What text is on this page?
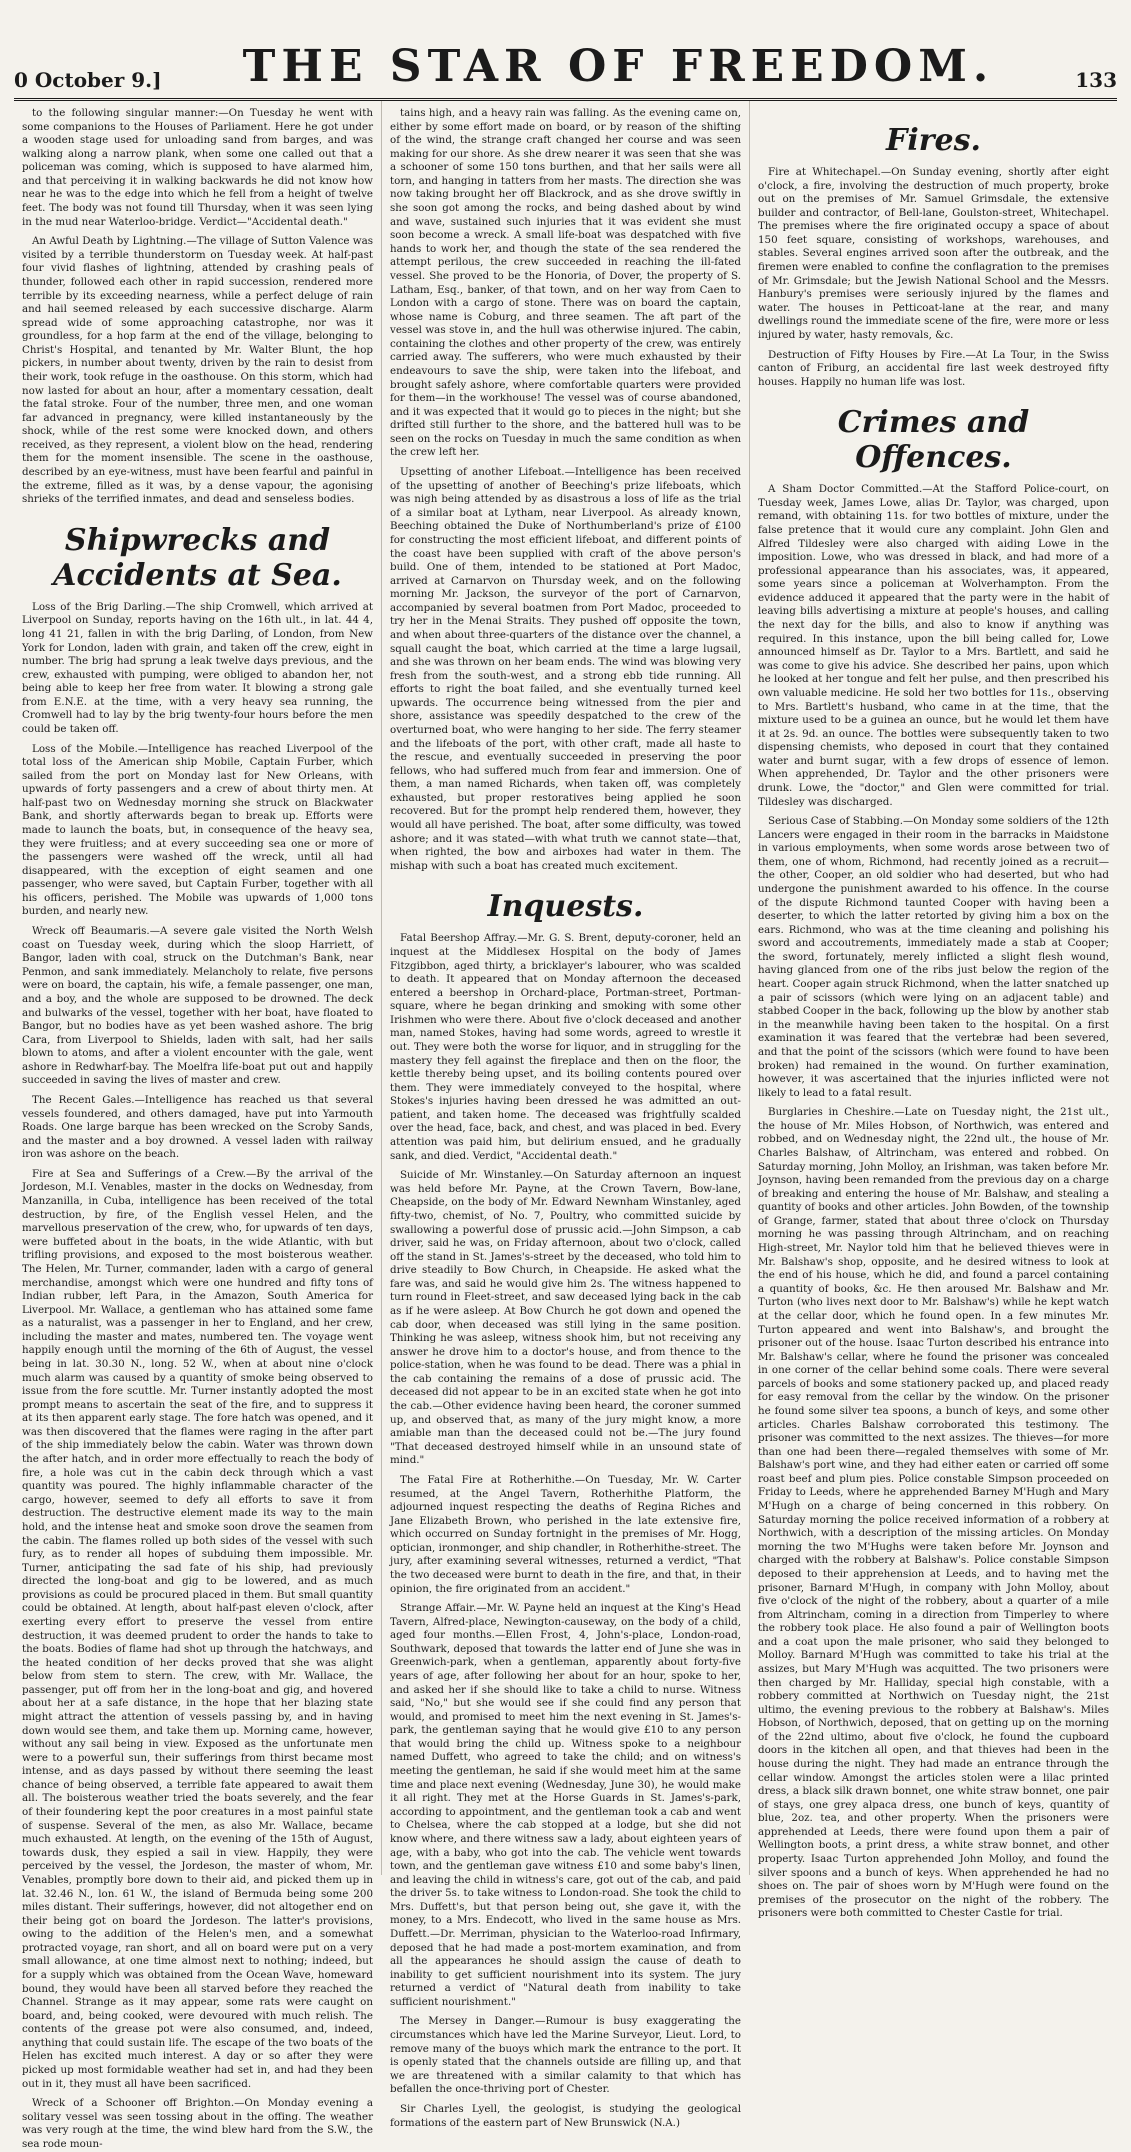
0 October 9.] THE STAR OF FREEDOM.	133

to the following singular manner:—On Tuesday he went with some companions to the Houses of Parliament. Here he got under a wooden stage used for unloading sand from barges, and was walking along a narrow plank, when some one called out that a policeman was coming, which is supposed to have alarmed him, and that perceiving it in walking backwards he did not know how near he was to the edge into which he fell from a height of twelve feet. The body was not found till Thursday, when it was seen lying in the mud near Waterloo-bridge. Verdict—"Accidental death."

An Awful Death by Lightning.—The village of Sutton Valence was visited by a terrible thunderstorm on Tuesday week. At half-past four vivid flashes of lightning, attended by crashing peals of thunder, followed each other in rapid succession, rendered more terrible by its exceeding nearness, while a perfect deluge of rain and hail seemed released by each successive discharge. Alarm spread wide of some approaching catastrophe, nor was it groundless, for a hop farm at the end of the village, belonging to Christ's Hospital, and tenanted by Mr. Walter Blunt, the hop pickers, in number about twenty, driven by the rain to desist from their work, took refuge in the oasthouse. On this storm, which had now lasted for about an hour, after a momentary cessation, dealt the fatal stroke. Four of the number, three men, and one woman far advanced in pregnancy, were killed instantaneously by the shock, while of the rest some were knocked down, and others received, as they represent, a violent blow on the head, rendering them for the moment insensible. The scene in the oasthouse, described by an eye-witness, must have been fearful and painful in the extreme, filled as it was, by a dense vapour, the agonising shrieks of the terrified inmates, and dead and senseless bodies.

Shipwrecks and Accidents at Sea.

Loss of the Brig Darling.—The ship Cromwell, which arrived at Liverpool on Sunday, reports having on the 16th ult., in lat. 44 4, long 41 21, fallen in with the brig Darling, of London, from New York for London, laden with grain, and taken off the crew, eight in number. The brig had sprung a leak twelve days previous, and the crew, exhausted with pumping, were obliged to abandon her, not being able to keep her free from water. It blowing a strong gale from E.N.E. at the time, with a very heavy sea running, the Cromwell had to lay by the brig twenty-four hours before the men could be taken off.

Loss of the Mobile.—Intelligence has reached Liverpool of the total loss of the American ship Mobile, Captain Furber, which sailed from the port on Monday last for New Orleans, with upwards of forty passengers and a crew of about thirty men. At half-past two on Wednesday morning she struck on Blackwater Bank, and shortly afterwards began to break up. Efforts were made to launch the boats, but, in consequence of the heavy sea, they were fruitless; and at every succeeding sea one or more of the passengers were washed off the wreck, until all had disappeared, with the exception of eight seamen and one passenger, who were saved, but Captain Furber, together with all his officers, perished. The Mobile was upwards of 1,000 tons burden, and nearly new.

Wreck off Beaumaris.—A severe gale visited the North Welsh coast on Tuesday week, during which the sloop Harriett, of Bangor, laden with coal, struck on the Dutchman's Bank, near Penmon, and sank immediately. Melancholy to relate, five persons were on board, the captain, his wife, a female passenger, one man, and a boy, and the whole are supposed to be drowned. The deck and bulwarks of the vessel, together with her boat, have floated to Bangor, but no bodies have as yet been washed ashore. The brig Cara, from Liverpool to Shields, laden with salt, had her sails blown to atoms, and after a violent encounter with the gale, went ashore in Redwharf-bay. The Moelfra life-boat put out and happily succeeded in saving the lives of master and crew.

The Recent Gales.—Intelligence has reached us that several vessels foundered, and others damaged, have put into Yarmouth Roads. One large barque has been wrecked on the Scroby Sands, and the master and a boy drowned. A vessel laden with railway iron was ashore on the beach.

Fire at Sea and Sufferings of a Crew.—By the arrival of the Jordeson, M.I. Venables, master in the docks on Wednesday, from Manzanilla, in Cuba, intelligence has been received of the total destruction, by fire, of the English vessel Helen, and the marvellous preservation of the crew, who, for upwards of ten days, were buffeted about in the boats, in the wide Atlantic, with but trifling provisions, and exposed to the most boisterous weather. The Helen, Mr. Turner, commander, laden with a cargo of general merchandise, amongst which were one hundred and fifty tons of Indian rubber, left Para, in the Amazon, South America for Liverpool. Mr. Wallace, a gentleman who has attained some fame as a naturalist, was a passenger in her to England, and her crew, including the master and mates, numbered ten. The voyage went happily enough until the morning of the 6th of August, the vessel being in lat. 30.30 N., long. 52 W., when at about nine o'clock much alarm was caused by a quantity of smoke being observed to issue from the fore scuttle. Mr. Turner instantly adopted the most prompt means to ascertain the seat of the fire, and to suppress it at its then apparent early stage. The fore hatch was opened, and it was then discovered that the flames were raging in the after part of the ship immediately below the cabin. Water was thrown down the after hatch, and in order more effectually to reach the body of fire, a hole was cut in the cabin deck through which a vast quantity was poured. The highly inflammable character of the cargo, however, seemed to defy all efforts to save it from destruction. The destructive element made its way to the main hold, and the intense heat and smoke soon drove the seamen from the cabin. The flames rolled up both sides of the vessel with such fury, as to render all hopes of subduing them impossible. Mr. Turner, anticipating the sad fate of his ship, had previously directed the long-boat and gig to be lowered, and as much provisions as could be procured placed in them. But small quantity could be obtained. At length, about half-past eleven o'clock, after exerting every effort to preserve the vessel from entire destruction, it was deemed prudent to order the hands to take to the boats. Bodies of flame had shot up through the hatchways, and the heated condition of her decks proved that she was alight below from stem to stern. The crew, with Mr. Wallace, the passenger, put off from her in the long-boat and gig, and hovered about her at a safe distance, in the hope that her blazing state might attract the attention of vessels passing by, and in having down would see them, and take them up. Morning came, however, without any sail being in view. Exposed as the unfortunate men were to a powerful sun, their sufferings from thirst became most intense, and as days passed by without there seeming the least chance of being observed, a terrible fate appeared to await them all. The boisterous weather tried the boats severely, and the fear of their foundering kept the poor creatures in a most painful state of suspense. Several of the men, as also Mr. Wallace, became much exhausted. At length, on the evening of the 15th of August, towards dusk, they espied a sail in view. Happily, they were perceived by the vessel, the Jordeson, the master of whom, Mr. Venables, promptly bore down to their aid, and picked them up in lat. 32.46 N., lon. 61 W., the island of Bermuda being some 200 miles distant. Their sufferings, however, did not altogether end on their being got on board the Jordeson. The latter's provisions, owing to the addition of the Helen's men, and a somewhat protracted voyage, ran short, and all on board were put on a very small allowance, at one time almost next to nothing; indeed, but for a supply which was obtained from the Ocean Wave, homeward bound, they would have been all starved before they reached the Channel. Strange as it may appear, some rats were caught on board, and, being cooked, were devoured with much relish. The contents of the grease pot were also consumed, and, indeed, anything that could sustain life. The escape of the two boats of the Helen has excited much interest. A day or so after they were picked up most formidable weather had set in, and had they been out in it, they must all have been sacrificed.

Wreck of a Schooner off Brighton.—On Monday evening a solitary vessel was seen tossing about in the offing. The weather was very rough at the time, the wind blew hard from the S.W., the sea rode moun-

tains high, and a heavy rain was falling. As the evening came on, either by some effort made on board, or by reason of the shifting of the wind, the strange craft changed her course and was seen making for our shore. As she drew nearer it was seen that she was a schooner of some 150 tons burthen, and that her sails were all torn, and hanging in tatters from her masts. The direction she was now taking brought her off Blackrock, and as she drove swiftly in she soon got among the rocks, and being dashed about by wind and wave, sustained such injuries that it was evident she must soon become a wreck. A small life-boat was despatched with five hands to work her, and though the state of the sea rendered the attempt perilous, the crew succeeded in reaching the ill-fated vessel. She proved to be the Honoria, of Dover, the property of S. Latham, Esq., banker, of that town, and on her way from Caen to London with a cargo of stone. There was on board the captain, whose name is Coburg, and three seamen. The aft part of the vessel was stove in, and the hull was otherwise injured. The cabin, containing the clothes and other property of the crew, was entirely carried away. The sufferers, who were much exhausted by their endeavours to save the ship, were taken into the lifeboat, and brought safely ashore, where comfortable quarters were provided for them—in the workhouse! The vessel was of course abandoned, and it was expected that it would go to pieces in the night; but she drifted still further to the shore, and the battered hull was to be seen on the rocks on Tuesday in much the same condition as when the crew left her.

Upsetting of another Lifeboat.—Intelligence has been received of the upsetting of another of Beeching's prize lifeboats, which was nigh being attended by as disastrous a loss of life as the trial of a similar boat at Lytham, near Liverpool. As already known, Beeching obtained the Duke of Northumberland's prize of £100 for constructing the most efficient lifeboat, and different points of the coast have been supplied with craft of the above person's build. One of them, intended to be stationed at Port Madoc, arrived at Carnarvon on Thursday week, and on the following morning Mr. Jackson, the surveyor of the port of Carnarvon, accompanied by several boatmen from Port Madoc, proceeded to try her in the Menai Straits. They pushed off opposite the town, and when about three-quarters of the distance over the channel, a squall caught the boat, which carried at the time a large lugsail, and she was thrown on her beam ends. The wind was blowing very fresh from the south-west, and a strong ebb tide running. All efforts to right the boat failed, and she eventually turned keel upwards. The occurrence being witnessed from the pier and shore, assistance was speedily despatched to the crew of the overturned boat, who were hanging to her side. The ferry steamer and the lifeboats of the port, with other craft, made all haste to the rescue, and eventually succeeded in preserving the poor fellows, who had suffered much from fear and immersion. One of them, a man named Richards, when taken off, was completely exhausted, but proper restoratives being applied he soon recovered. But for the prompt help rendered them, however, they would all have perished. The boat, after some difficulty, was towed ashore; and it was stated—with what truth we cannot state—that, when righted, the bow and airboxes had water in them. The mishap with such a boat has created much excitement.

Inquests.

Fatal Beershop Affray.—Mr. G. S. Brent, deputy-coroner, held an inquest at the Middlesex Hospital on the body of James Fitzgibbon, aged thirty, a bricklayer's labourer, who was scalded to death. It appeared that on Monday afternoon the deceased entered a beershop in Orchard-place, Portman-street, Portman-square, where he began drinking and smoking with some other Irishmen who were there. About five o'clock deceased and another man, named Stokes, having had some words, agreed to wrestle it out. They were both the worse for liquor, and in struggling for the mastery they fell against the fireplace and then on the floor, the kettle thereby being upset, and its boiling contents poured over them. They were immediately conveyed to the hospital, where Stokes's injuries having been dressed he was admitted an out-patient, and taken home. The deceased was frightfully scalded over the head, face, back, and chest, and was placed in bed. Every attention was paid him, but delirium ensued, and he gradually sank, and died. Verdict, "Accidental death."

Suicide of Mr. Winstanley.—On Saturday afternoon an inquest was held before Mr. Payne, at the Crown Tavern, Bow-lane, Cheapside, on the body of Mr. Edward Newnham Winstanley, aged fifty-two, chemist, of No. 7, Poultry, who committed suicide by swallowing a powerful dose of prussic acid.—John Simpson, a cab driver, said he was, on Friday afternoon, about two o'clock, called off the stand in St. James's-street by the deceased, who told him to drive steadily to Bow Church, in Cheapside. He asked what the fare was, and said he would give him 2s. The witness happened to turn round in Fleet-street, and saw deceased lying back in the cab as if he were asleep. At Bow Church he got down and opened the cab door, when deceased was still lying in the same position. Thinking he was asleep, witness shook him, but not receiving any answer he drove him to a doctor's house, and from thence to the police-station, when he was found to be dead. There was a phial in the cab containing the remains of a dose of prussic acid. The deceased did not appear to be in an excited state when he got into the cab.—Other evidence having been heard, the coroner summed up, and observed that, as many of the jury might know, a more amiable man than the deceased could not be.—The jury found "That deceased destroyed himself while in an unsound state of mind."

The Fatal Fire at Rotherhithe.—On Tuesday, Mr. W. Carter resumed, at the Angel Tavern, Rotherhithe Platform, the adjourned inquest respecting the deaths of Regina Riches and Jane Elizabeth Brown, who perished in the late extensive fire, which occurred on Sunday fortnight in the premises of Mr. Hogg, optician, ironmonger, and ship chandler, in Rotherhithe-street. The jury, after examining several witnesses, returned a verdict, "That the two deceased were burnt to death in the fire, and that, in their opinion, the fire originated from an accident."

Strange Affair.—Mr. W. Payne held an inquest at the King's Head Tavern, Alfred-place, Newington-causeway, on the body of a child, aged four months.—Ellen Frost, 4, John's-place, London-road, Southwark, deposed that towards the latter end of June she was in Greenwich-park, when a gentleman, apparently about forty-five years of age, after following her about for an hour, spoke to her, and asked her if she should like to take a child to nurse. Witness said, "No," but she would see if she could find any person that would, and promised to meet him the next evening in St. James's-park, the gentleman saying that he would give £10 to any person that would bring the child up. Witness spoke to a neighbour named Duffett, who agreed to take the child; and on witness's meeting the gentleman, he said if she would meet him at the same time and place next evening (Wednesday, June 30), he would make it all right. They met at the Horse Guards in St. James's-park, according to appointment, and the gentleman took a cab and went to Chelsea, where the cab stopped at a lodge, but she did not know where, and there witness saw a lady, about eighteen years of age, with a baby, who got into the cab. The vehicle went towards town, and the gentleman gave witness £10 and some baby's linen, and leaving the child in witness's care, got out of the cab, and paid the driver 5s. to take witness to London-road. She took the child to Mrs. Duffett's, but that person being out, she gave it, with the money, to a Mrs. Endecott, who lived in the same house as Mrs. Duffett.—Dr. Merriman, physician to the Waterloo-road Infirmary, deposed that he had made a post-mortem examination, and from all the appearances he should assign the cause of death to inability to get sufficient nourishment into its system. The jury returned a verdict of "Natural death from inability to take sufficient nourishment."

The Mersey in Danger.—Rumour is busy exaggerating the circumstances which have led the Marine Surveyor, Lieut. Lord, to remove many of the buoys which mark the entrance to the port. It is openly stated that the channels outside are filling up, and that we are threatened with a similar calamity to that which has befallen the once-thriving port of Chester.

Sir Charles Lyell, the geologist, is studying the geological formations of the eastern part of New Brunswick (N.A.)

Fires.

Fire at Whitechapel.—On Sunday evening, shortly after eight o'clock, a fire, involving the destruction of much property, broke out on the premises of Mr. Samuel Grimsdale, the extensive builder and contractor, of Bell-lane, Goulston-street, Whitechapel. The premises where the fire originated occupy a space of about 150 feet square, consisting of workshops, warehouses, and stables. Several engines arrived soon after the outbreak, and the firemen were enabled to confine the conflagration to the premises of Mr. Grimsdale; but the Jewish National School and the Messrs. Hanbury's premises were seriously injured by the flames and water. The houses in Petticoat-lane at the rear, and many dwellings round the immediate scene of the fire, were more or less injured by water, hasty removals, &c.

Destruction of Fifty Houses by Fire.—At La Tour, in the Swiss canton of Friburg, an accidental fire last week destroyed fifty houses. Happily no human life was lost.

Crimes and Offences.

A Sham Doctor Committed.—At the Stafford Police-court, on Tuesday week, James Lowe, alias Dr. Taylor, was charged, upon remand, with obtaining 11s. for two bottles of mixture, under the false pretence that it would cure any complaint. John Glen and Alfred Tildesley were also charged with aiding Lowe in the imposition. Lowe, who was dressed in black, and had more of a professional appearance than his associates, was, it appeared, some years since a policeman at Wolverhampton. From the evidence adduced it appeared that the party were in the habit of leaving bills advertising a mixture at people's houses, and calling the next day for the bills, and also to know if anything was required. In this instance, upon the bill being called for, Lowe announced himself as Dr. Taylor to a Mrs. Bartlett, and said he was come to give his advice. She described her pains, upon which he looked at her tongue and felt her pulse, and then prescribed his own valuable medicine. He sold her two bottles for 11s., observing to Mrs. Bartlett's husband, who came in at the time, that the mixture used to be a guinea an ounce, but he would let them have it at 2s. 9d. an ounce. The bottles were subsequently taken to two dispensing chemists, who deposed in court that they contained water and burnt sugar, with a few drops of essence of lemon. When apprehended, Dr. Taylor and the other prisoners were drunk. Lowe, the "doctor," and Glen were committed for trial. Tildesley was discharged.

Serious Case of Stabbing.—On Monday some soldiers of the 12th Lancers were engaged in their room in the barracks in Maidstone in various employments, when some words arose between two of them, one of whom, Richmond, had recently joined as a recruit—the other, Cooper, an old soldier who had deserted, but who had undergone the punishment awarded to his offence. In the course of the dispute Richmond taunted Cooper with having been a deserter, to which the latter retorted by giving him a box on the ears. Richmond, who was at the time cleaning and polishing his sword and accoutrements, immediately made a stab at Cooper; the sword, fortunately, merely inflicted a slight flesh wound, having glanced from one of the ribs just below the region of the heart. Cooper again struck Richmond, when the latter snatched up a pair of scissors (which were lying on an adjacent table) and stabbed Cooper in the back, following up the blow by another stab in the meanwhile having been taken to the hospital. On a first examination it was feared that the vertebræ had been severed, and that the point of the scissors (which were found to have been broken) had remained in the wound. On further examination, however, it was ascertained that the injuries inflicted were not likely to lead to a fatal result.

Burglaries in Cheshire.—Late on Tuesday night, the 21st ult., the house of Mr. Miles Hobson, of Northwich, was entered and robbed, and on Wednesday night, the 22nd ult., the house of Mr. Charles Balshaw, of Altrincham, was entered and robbed. On Saturday morning, John Molloy, an Irishman, was taken before Mr. Joynson, having been remanded from the previous day on a charge of breaking and entering the house of Mr. Balshaw, and stealing a quantity of books and other articles. John Bowden, of the township of Grange, farmer, stated that about three o'clock on Thursday morning he was passing through Altrincham, and on reaching High-street, Mr. Naylor told him that he believed thieves were in Mr. Balshaw's shop, opposite, and he desired witness to look at the end of his house, which he did, and found a parcel containing a quantity of books, &c. He then aroused Mr. Balshaw and Mr. Turton (who lives next door to Mr. Balshaw's) while he kept watch at the cellar door, which he found open. In a few minutes Mr. Turton appeared and went into Balshaw's, and brought the prisoner out of the house. Isaac Turton described his entrance into Mr. Balshaw's cellar, where he found the prisoner was concealed in one corner of the cellar behind some coals. There were several parcels of books and some stationery packed up, and placed ready for easy removal from the cellar by the window. On the prisoner he found some silver tea spoons, a bunch of keys, and some other articles. Charles Balshaw corroborated this testimony. The prisoner was committed to the next assizes. The thieves—for more than one had been there—regaled themselves with some of Mr. Balshaw's port wine, and they had either eaten or carried off some roast beef and plum pies. Police constable Simpson proceeded on Friday to Leeds, where he apprehended Barney M'Hugh and Mary M'Hugh on a charge of being concerned in this robbery. On Saturday morning the police received information of a robbery at Northwich, with a description of the missing articles. On Monday morning the two M'Hughs were taken before Mr. Joynson and charged with the robbery at Balshaw's. Police constable Simpson deposed to their apprehension at Leeds, and to having met the prisoner, Barnard M'Hugh, in company with John Molloy, about five o'clock of the night of the robbery, about a quarter of a mile from Altrincham, coming in a direction from Timperley to where the robbery took place. He also found a pair of Wellington boots and a coat upon the male prisoner, who said they belonged to Molloy. Barnard M'Hugh was committed to take his trial at the assizes, but Mary M'Hugh was acquitted. The two prisoners were then charged by Mr. Halliday, special high constable, with a robbery committed at Northwich on Tuesday night, the 21st ultimo, the evening previous to the robbery at Balshaw's. Miles Hobson, of Northwich, deposed, that on getting up on the morning of the 22nd ultimo, about five o'clock, he found the cupboard doors in the kitchen all open, and that thieves had been in the house during the night. They had made an entrance through the cellar window. Amongst the articles stolen were a lilac printed dress, a black silk drawn bonnet, one white straw bonnet, one pair of stays, one grey alpaca dress, one bunch of keys, quantity of blue, 2oz. tea, and other property. When the prisoners were apprehended at Leeds, there were found upon them a pair of Wellington boots, a print dress, a white straw bonnet, and other property. Isaac Turton apprehended John Molloy, and found the silver spoons and a bunch of keys. When apprehended he had no shoes on. The pair of shoes worn by M'Hugh were found on the premises of the prosecutor on the night of the robbery. The prisoners were both committed to Chester Castle for trial.
